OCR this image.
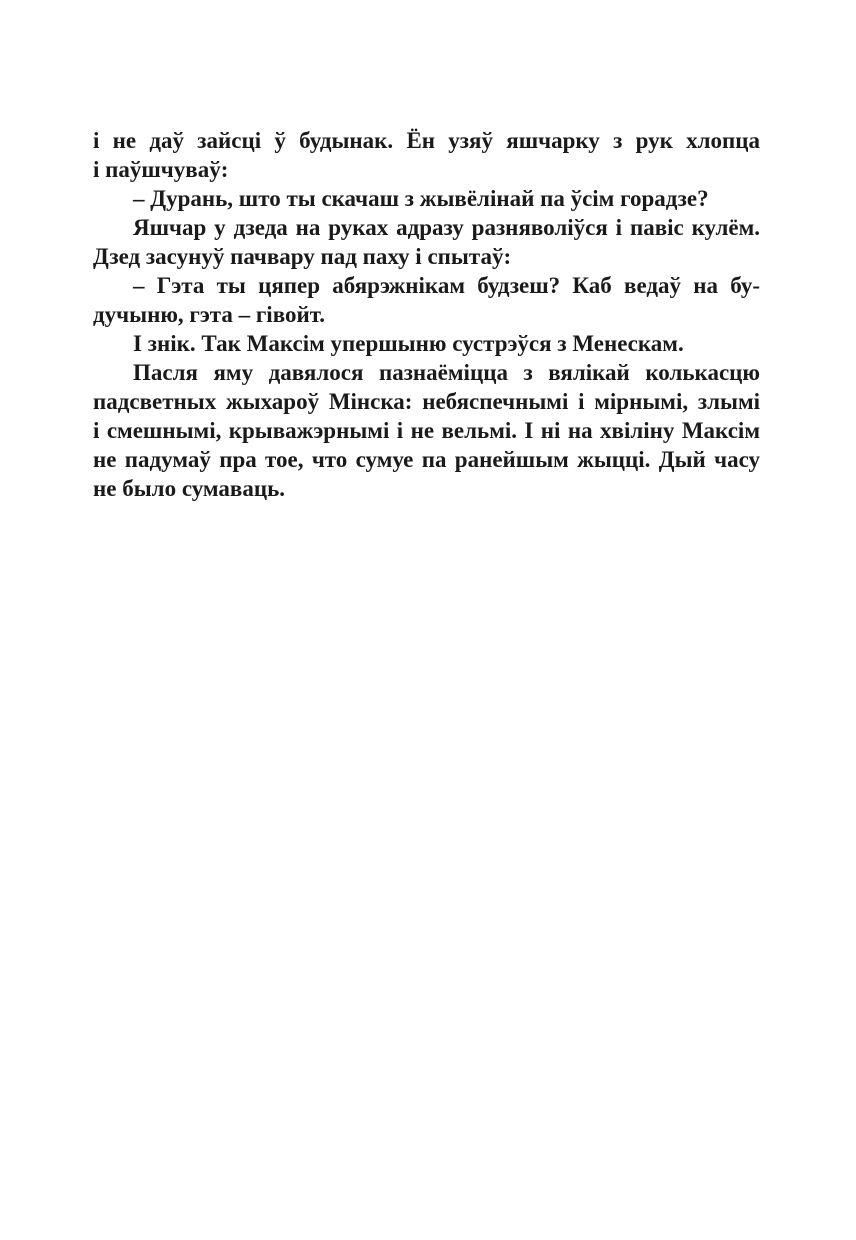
і не даў зайсці ў будынак. Ён узяў яшчарку з рук хлопца
і паўшчуваў:
– Дурань, што ты скачаш з жывёлінай па ўсім горадзе?
Яшчар у дзеда на руках адразу разняволіўся і павіс кулём.
Дзед засунуў пачвару пад паху і спытаў:
– Гэта ты цяпер абярэжнікам будзеш? Каб ведаў на бу-
дучыню, гэта – гівойт.
І знік. Так Максім упершыню сустрэўся з Менескам.
Пасля яму давялося пазнаёміцца з вялікай колькасцю
падсветных жыхароў Мінска: небяспечнымі і мірнымі, злымі
і смешнымі, крыважэрнымі і не вельмі. І ні на хвіліну Максім
не падумаў пра тое, что сумуе па ранейшым жыцці. Дый часу
не было сумаваць.
